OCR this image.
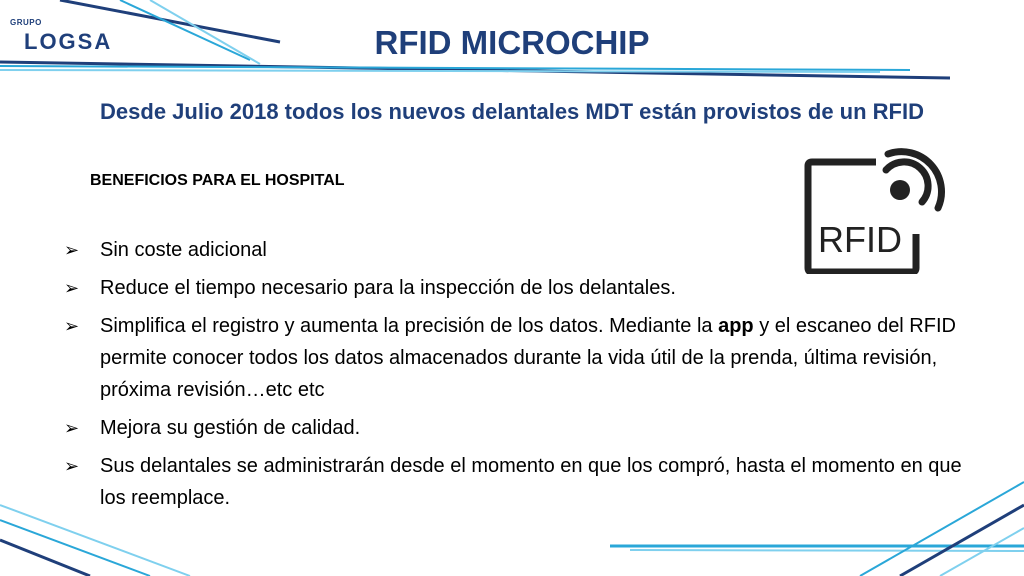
GRUPO
LOGSA	RFID MICROCHIP
Desde Julio 2018 todos los nuevos delantales MDT están provistos de un RFID
BENEFICIOS PARA EL HOSPITAL
RFID
➢ Sin coste adicional
➢ Reduce el tiempo necesario para la inspección de los delantales.
➢ Simplifica el registro y aumenta la precisión de los datos. Mediante la app y el escaneo del RFID permite conocer todos los datos almacenados durante la vida útil de la prenda, última revisión, próxima revisión…etc etc
➢ Mejora su gestión de calidad.
➢ Sus delantales se administrarán desde el momento en que los compró, hasta el momento en que los reemplace.
